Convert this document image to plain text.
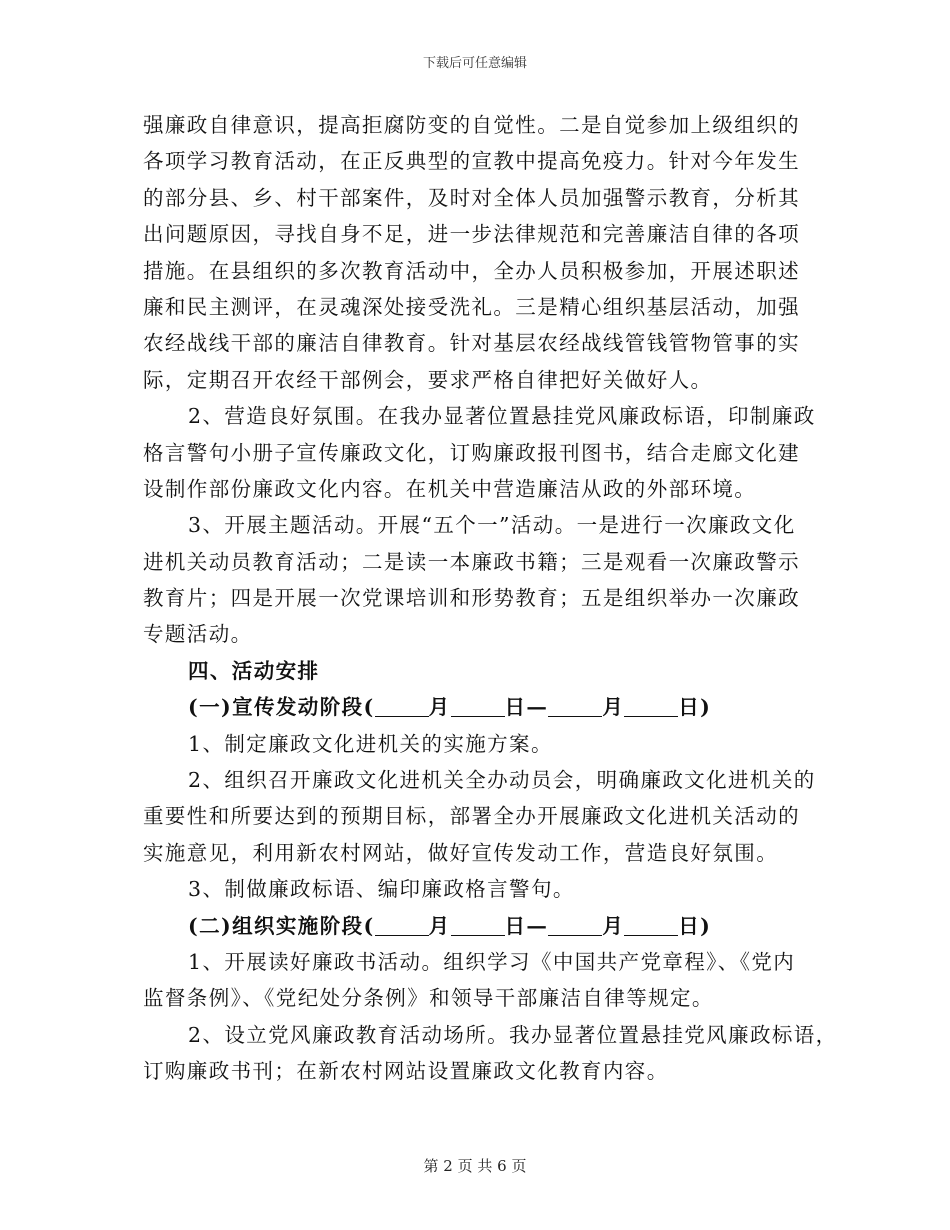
下载后可任意编辑
强廉政自律意识，提高拒腐防变的自觉性。二是自觉参加上级组织的
各项学习教育活动，在正反典型的宣教中提高免疫力。针对今年发生
的部分县、乡、村干部案件，及时对全体人员加强警示教育，分析其
出问题原因，寻找自身不足，进一步法律规范和完善廉洁自律的各项
措施。在县组织的多次教育活动中，全办人员积极参加，开展述职述
廉和民主测评，在灵魂深处接受洗礼。三是精心组织基层活动，加强
农经战线干部的廉洁自律教育。针对基层农经战线管钱管物管事的实
际，定期召开农经干部例会，要求严格自律把好关做好人。
2、营造良好氛围。在我办显著位置悬挂党风廉政标语，印制廉政
格言警句小册子宣传廉政文化，订购廉政报刊图书，结合走廊文化建
设制作部份廉政文化内容。在机关中营造廉洁从政的外部环境。
3、开展主题活动。开展“五个一”活动。一是进行一次廉政文化
进机关动员教育活动；二是读一本廉政书籍；三是观看一次廉政警示
教育片；四是开展一次党课培训和形势教育；五是组织举办一次廉政
专题活动。
四、活动安排
(一)宣传发动阶段(	月	日—	月	日)
1、制定廉政文化进机关的实施方案。
2、组织召开廉政文化进机关全办动员会，明确廉政文化进机关的
重要性和所要达到的预期目标，部署全办开展廉政文化进机关活动的
实施意见，利用新农村网站，做好宣传发动工作，营造良好氛围。
3、制做廉政标语、编印廉政格言警句。
(二)组织实施阶段(	月	日—	月	日)
1、开展读好廉政书活动。组织学习《中国共产党章程》、《党内
监督条例》、《党纪处分条例》和领导干部廉洁自律等规定。
2、设立党风廉政教育活动场所。我办显著位置悬挂党风廉政标语，
订购廉政书刊；在新农村网站设置廉政文化教育内容。
第 2 页 共 6 页
